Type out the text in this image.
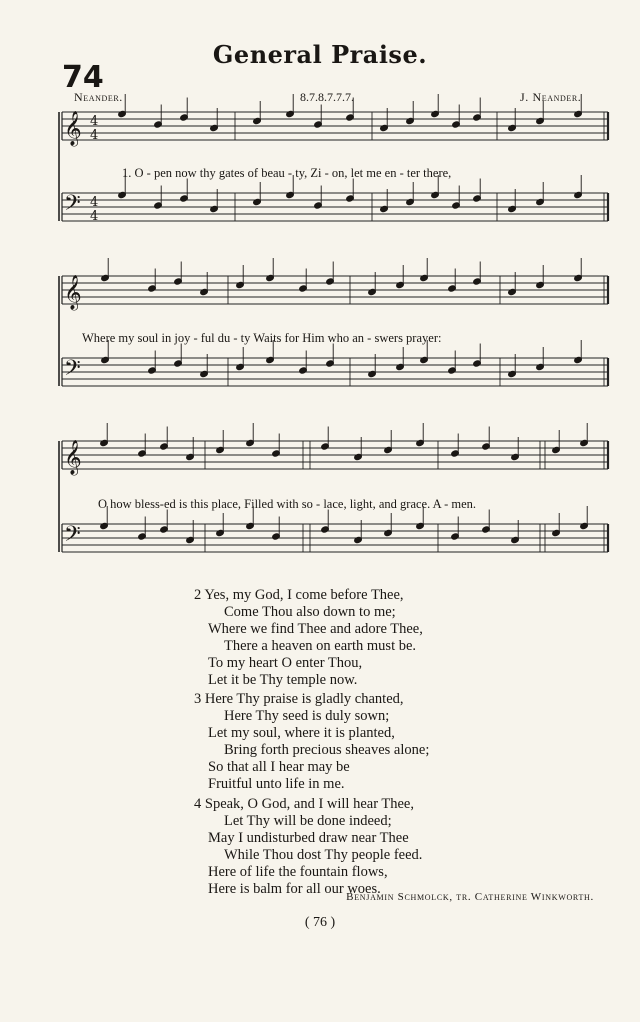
General Praise.
74
Neander.	8.7.8.7.7.7.	J. Neander.
𝄞 4
4
𝄢 4
4
𝄞
𝄢
𝄞
𝄢
1. O - pen now thy gates of beau - ty, Zi - on, let me en - ter there,
Where my soul in joy - ful du - ty Waits for Him who an - swers prayer:
O how bless-ed is this place, Filled with so - lace, light, and grace. A - men.
2 Yes, my God, I come before Thee,
Come Thou also down to me;
Where we find Thee and adore Thee,
There a heaven on earth must be.
To my heart O enter Thou,
Let it be Thy temple now.
3 Here Thy praise is gladly chanted,
Here Thy seed is duly sown;
Let my soul, where it is planted,
Bring forth precious sheaves alone;
So that all I hear may be
Fruitful unto life in me.
4 Speak, O God, and I will hear Thee,
Let Thy will be done indeed;
May I undisturbed draw near Thee
While Thou dost Thy people feed.
Here of life the fountain flows,
Here is balm for all our woes.
Benjamin Schmolck, tr. Catherine Winkworth.
( 76 )
